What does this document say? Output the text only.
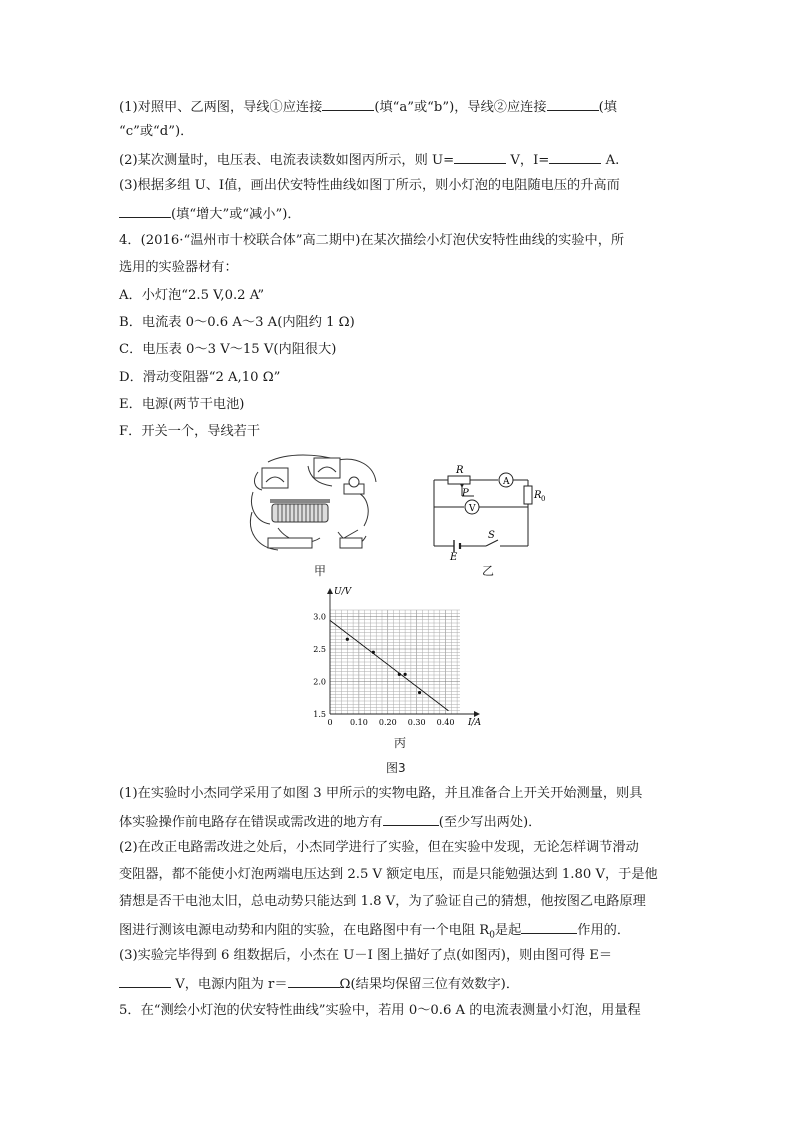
(1)对照甲、乙两图，导线①应连接	(填“a”或“b”)，导线②应连接	(填
“c”或“d”)．
(2)某次测量时，电压表、电流表读数如图丙所示，则 U=	V，I=	A.
(3)根据多组 U、I值，画出伏安特性曲线如图丁所示，则小灯泡的电阻随电压的升高而
(填“增大”或“减小”)．
4．(2016·“温州市十校联合体”高二期中)在某次描绘小灯泡伏安特性曲线的实验中，所
选用的实验器材有：
A．小灯泡“2.5 V,0.2 A”
B．电流表 0～0.6 A～3 A(内阻约 1 Ω)
C．电压表 0～3 V～15 V(内阻很大)
D．滑动变阻器“2 A,10 Ω”
E．电源(两节干电池)
F．开关一个，导线若干
甲
R
P
A
V
R 0
E
S
乙
0 0.10 0.20 0.30 0.40
1.5
2.0
2.5
3.0
U/V
I/A
丙
图3
(1)在实验时小杰同学采用了如图 3 甲所示的实物电路，并且准备合上开关开始测量，则具
体实验操作前电路存在错误或需改进的地方有	(至少写出两处)．
(2)在改正电路需改进之处后，小杰同学进行了实验，但在实验中发现，无论怎样调节滑动
变阻器，都不能使小灯泡两端电压达到 2.5 V 额定电压，而是只能勉强达到 1.80 V，于是他
猜想是否干电池太旧，总电动势只能达到 1.8 V，为了验证自己的猜想，他按图乙电路原理
图进行测该电源电动势和内阻的实验，在电路图中有一个电阻 $R_0$是起	作用的．
(3)实验完毕得到 6 组数据后，小杰在 U－I 图上描好了点(如图丙)，则由图可得 E＝
V，电源内阻为 r＝	Ω(结果均保留三位有效数字)．
5．在“测绘小灯泡的伏安特性曲线”实验中，若用 0～0.6 A 的电流表测量小灯泡，用量程
